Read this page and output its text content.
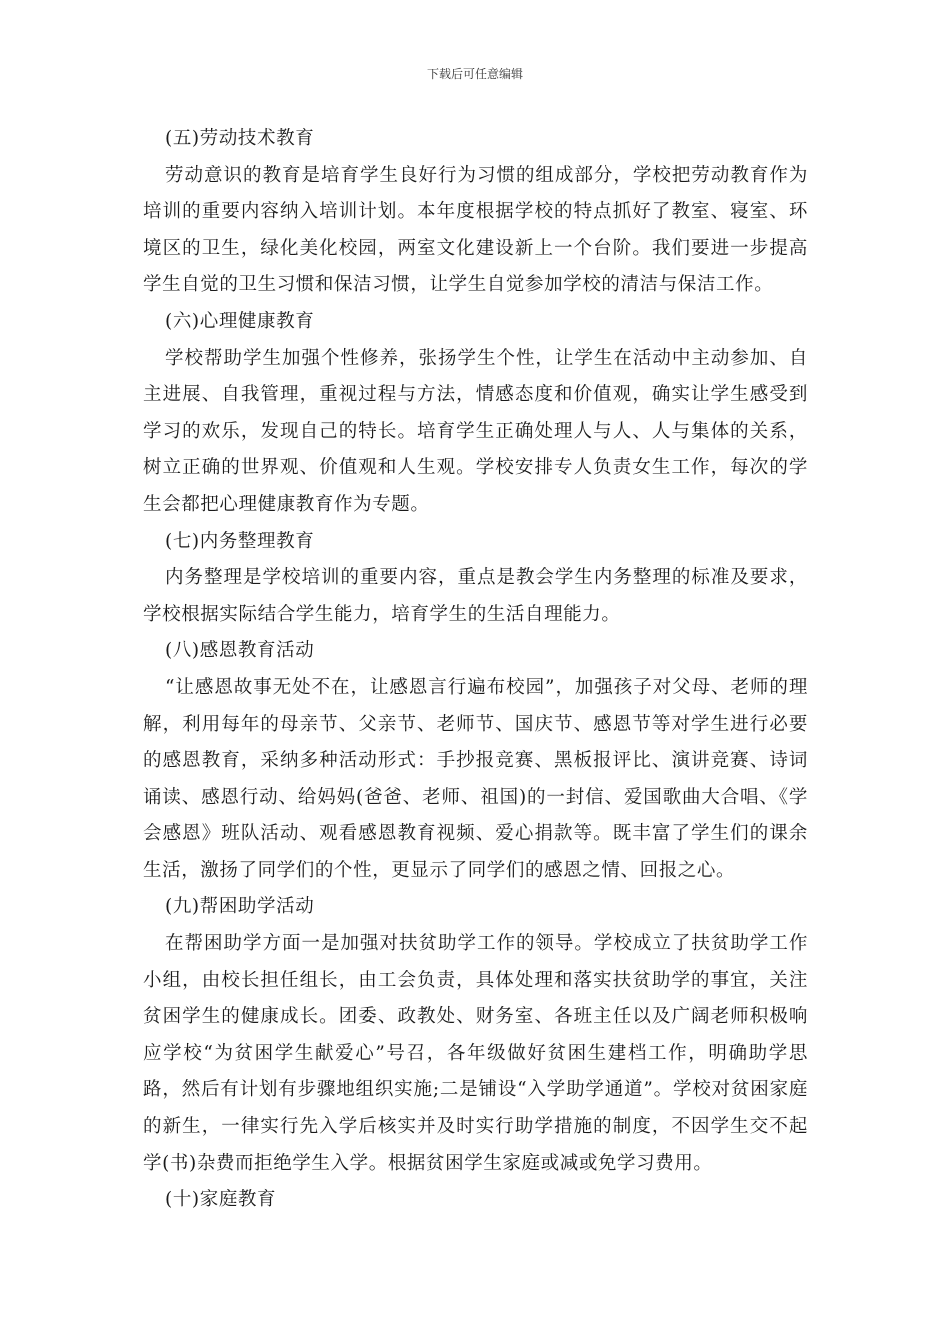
下载后可任意编辑

(五)劳动技术教育

劳动意识的教育是培育学生良好行为习惯的组成部分，学校把劳动教育作为培训的重要内容纳入培训计划。本年度根据学校的特点抓好了教室、寝室、环境区的卫生，绿化美化校园，两室文化建设新上一个台阶。我们要进一步提高学生自觉的卫生习惯和保洁习惯，让学生自觉参加学校的清洁与保洁工作。

(六)心理健康教育

学校帮助学生加强个性修养，张扬学生个性，让学生在活动中主动参加、自主进展、自我管理，重视过程与方法，情感态度和价值观，确实让学生感受到学习的欢乐，发现自己的特长。培育学生正确处理人与人、人与集体的关系，树立正确的世界观、价值观和人生观。学校安排专人负责女生工作，每次的学生会都把心理健康教育作为专题。

(七)内务整理教育

内务整理是学校培训的重要内容，重点是教会学生内务整理的标准及要求，学校根据实际结合学生能力，培育学生的生活自理能力。

(八)感恩教育活动

“让感恩故事无处不在，让感恩言行遍布校园”，加强孩子对父母、老师的理解，利用每年的母亲节、父亲节、老师节、国庆节、感恩节等对学生进行必要的感恩教育，采纳多种活动形式：手抄报竞赛、黑板报评比、演讲竞赛、诗词诵读、感恩行动、给妈妈(爸爸、老师、祖国)的一封信、爱国歌曲大合唱、《学会感恩》班队活动、观看感恩教育视频、爱心捐款等。既丰富了学生们的课余生活，激扬了同学们的个性，更显示了同学们的感恩之情、回报之心。

(九)帮困助学活动

在帮困助学方面一是加强对扶贫助学工作的领导。学校成立了扶贫助学工作小组，由校长担任组长，由工会负责，具体处理和落实扶贫助学的事宜，关注贫困学生的健康成长。团委、政教处、财务室、各班主任以及广阔老师积极响应学校“为贫困学生献爱心”号召，各年级做好贫困生建档工作，明确助学思路，然后有计划有步骤地组织实施;二是铺设“入学助学通道”。学校对贫困家庭的新生，一律实行先入学后核实并及时实行助学措施的制度，不因学生交不起学(书)杂费而拒绝学生入学。根据贫困学生家庭或减或免学习费用。

(十)家庭教育
